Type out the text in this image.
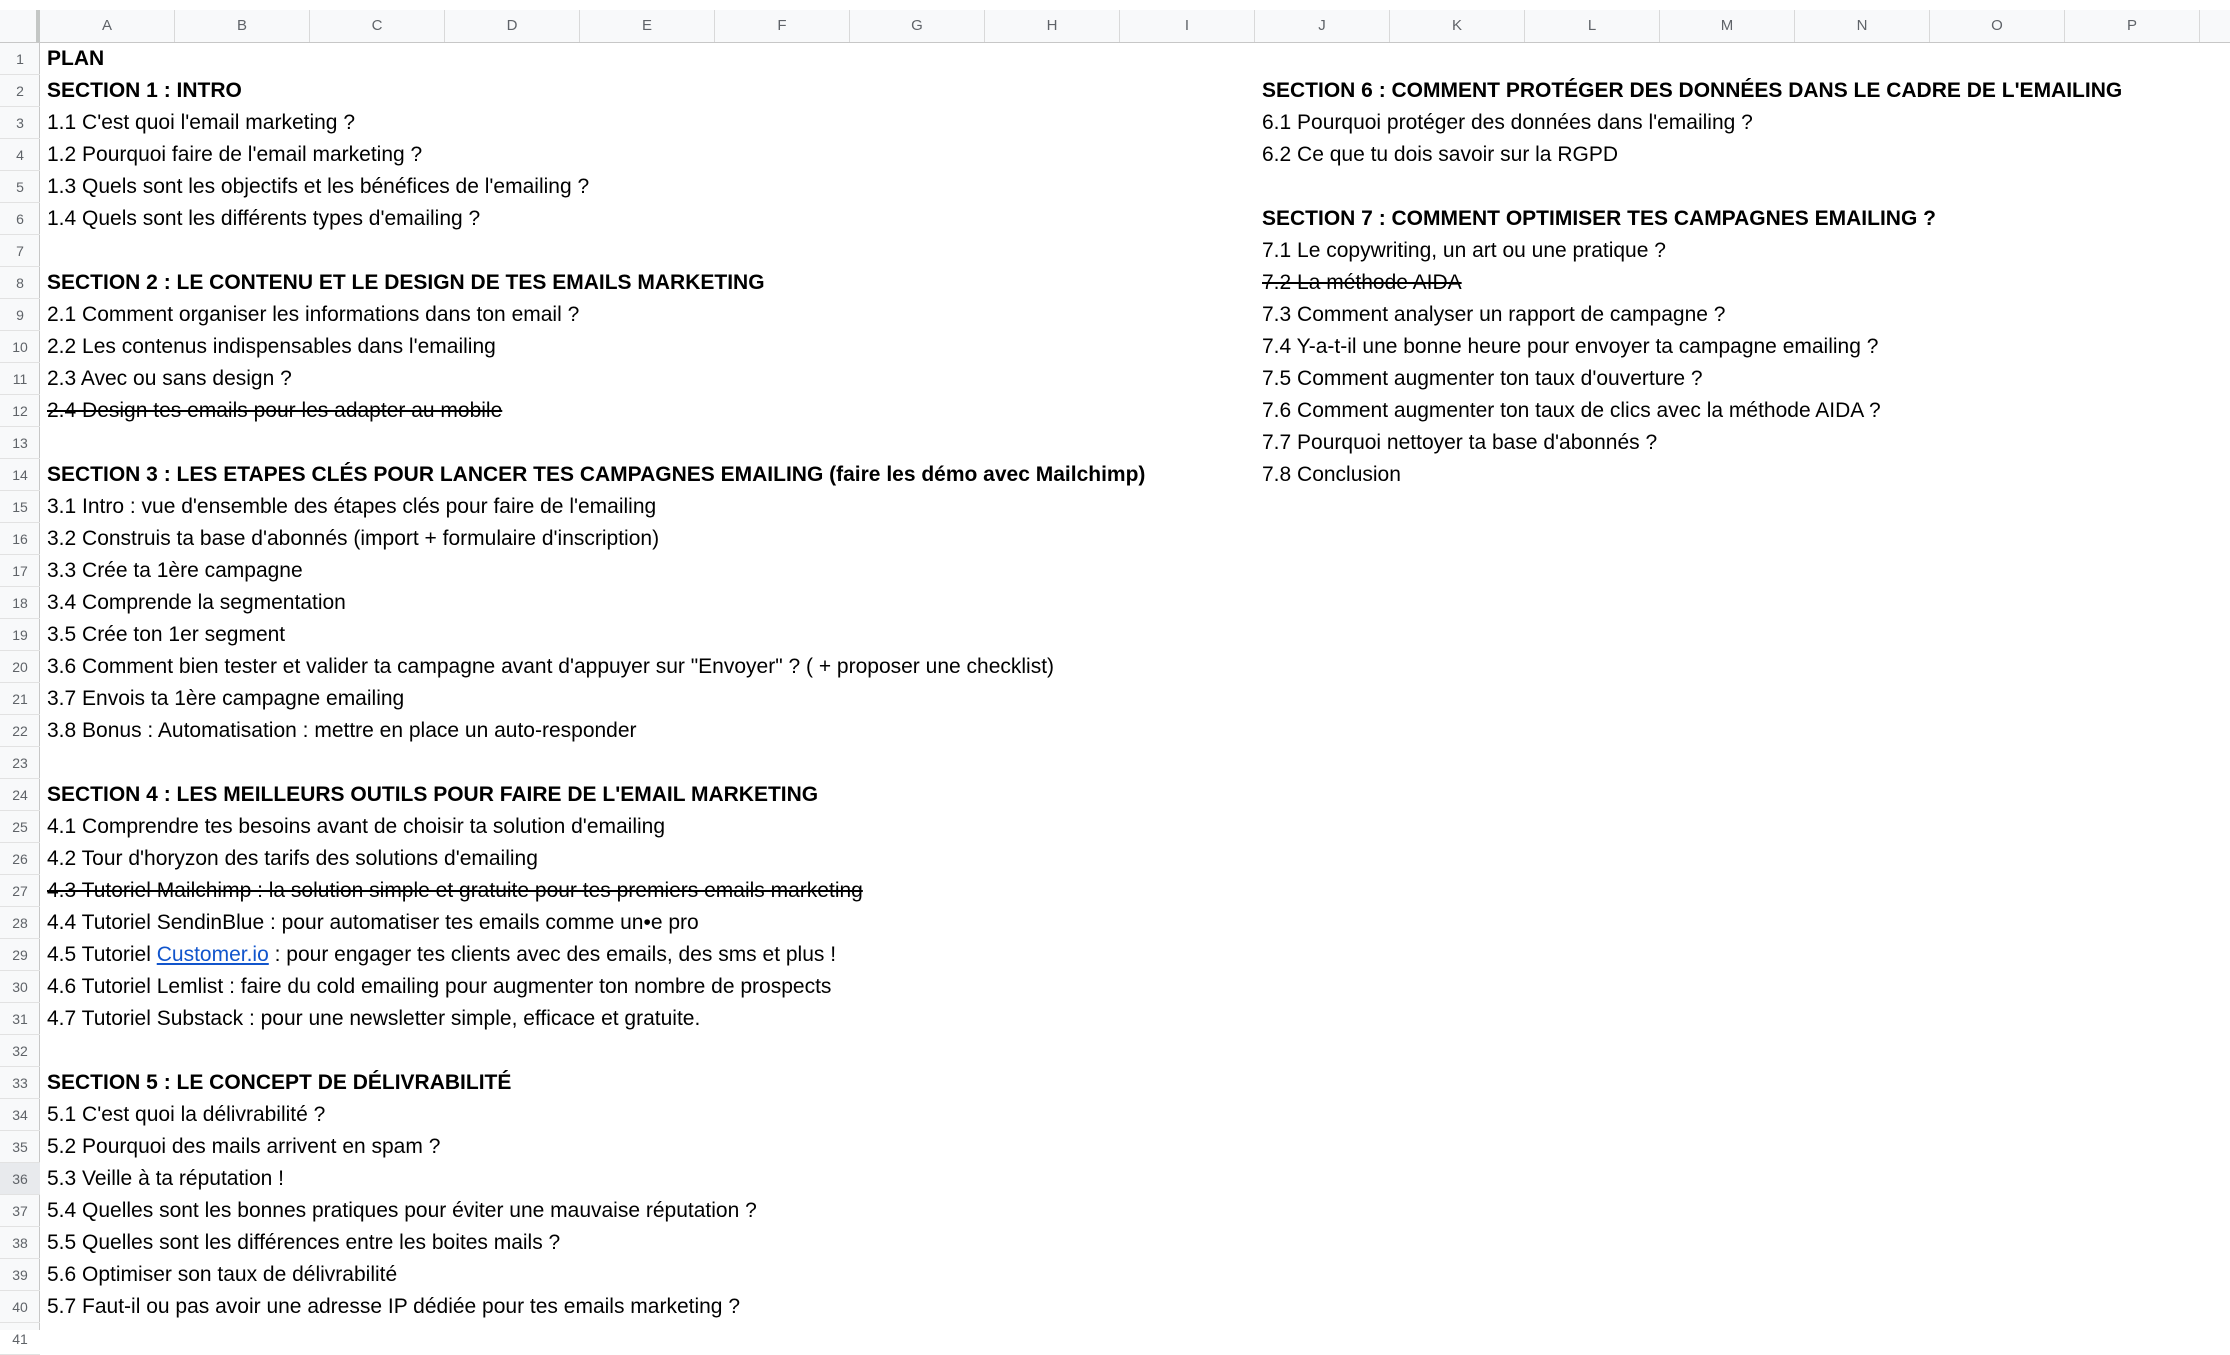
A	B	C	D	E	F	G	H	I	J	K	L	M	N	O	P
1
2
3
4
5
6
7
8
9
10
11
12
13
14
15
16
17
18
19
20
21
22
23
24
25
26
27
28
29
30
31
32
33
34
35
36
37
38
39
40
41
PLAN
SECTION 1 : INTRO
1.1 C'est quoi l'email marketing ?
1.2 Pourquoi faire de l'email marketing ?
1.3 Quels sont les objectifs et les bénéfices de l'emailing ?
1.4 Quels sont les différents types d'emailing ?
SECTION 2 : LE CONTENU ET LE DESIGN DE TES EMAILS MARKETING
2.1 Comment organiser les informations dans ton email ?
2.2 Les contenus indispensables dans l'emailing
2.3 Avec ou sans design ?
2.4 Design tes emails pour les adapter au mobile
SECTION 3 : LES ETAPES CLÉS POUR LANCER TES CAMPAGNES EMAILING (faire les démo avec Mailchimp)
3.1 Intro : vue d'ensemble des étapes clés pour faire de l'emailing
3.2 Construis ta base d'abonnés (import + formulaire d'inscription)
3.3 Crée ta 1ère campagne
3.4 Comprende la segmentation
3.5 Crée ton 1er segment
3.6 Comment bien tester et valider ta campagne avant d'appuyer sur "Envoyer" ? ( + proposer une checklist)
3.7 Envois ta 1ère campagne emailing
3.8 Bonus : Automatisation : mettre en place un auto-responder
SECTION 4 : LES MEILLEURS OUTILS POUR FAIRE DE L'EMAIL MARKETING
4.1 Comprendre tes besoins avant de choisir ta solution d'emailing
4.2 Tour d'horyzon des tarifs des solutions d'emailing
4.3 Tutoriel Mailchimp : la solution simple et gratuite pour tes premiers emails marketing
4.4 Tutoriel SendinBlue : pour automatiser tes emails comme un•e pro
4.5 Tutoriel Customer.io : pour engager tes clients avec des emails, des sms et plus !
4.6 Tutoriel Lemlist : faire du cold emailing pour augmenter ton nombre de prospects
4.7 Tutoriel Substack : pour une newsletter simple, efficace et gratuite.
SECTION 5 : LE CONCEPT DE DÉLIVRABILITÉ
5.1 C'est quoi la délivrabilité ?
5.2 Pourquoi des mails arrivent en spam ?
5.3 Veille à ta réputation !
5.4 Quelles sont les bonnes pratiques pour éviter une mauvaise réputation ?
5.5 Quelles sont les différences entre les boites mails ?
5.6 Optimiser son taux de délivrabilité
5.7 Faut-il ou pas avoir une adresse IP dédiée pour tes emails marketing ?
SECTION 6 : COMMENT PROTÉGER DES DONNÉES DANS LE CADRE DE L'EMAILING
6.1 Pourquoi protéger des données dans l'emailing ?
6.2 Ce que tu dois savoir sur la RGPD
SECTION 7 : COMMENT OPTIMISER TES CAMPAGNES EMAILING ?
7.1 Le copywriting, un art ou une pratique ?
7.2 La méthode AIDA
7.3 Comment analyser un rapport de campagne ?
7.4 Y-a-t-il une bonne heure pour envoyer ta campagne emailing ?
7.5 Comment augmenter ton taux d'ouverture ?
7.6 Comment augmenter ton taux de clics avec la méthode AIDA ?
7.7 Pourquoi nettoyer ta base d'abonnés ?
7.8 Conclusion
